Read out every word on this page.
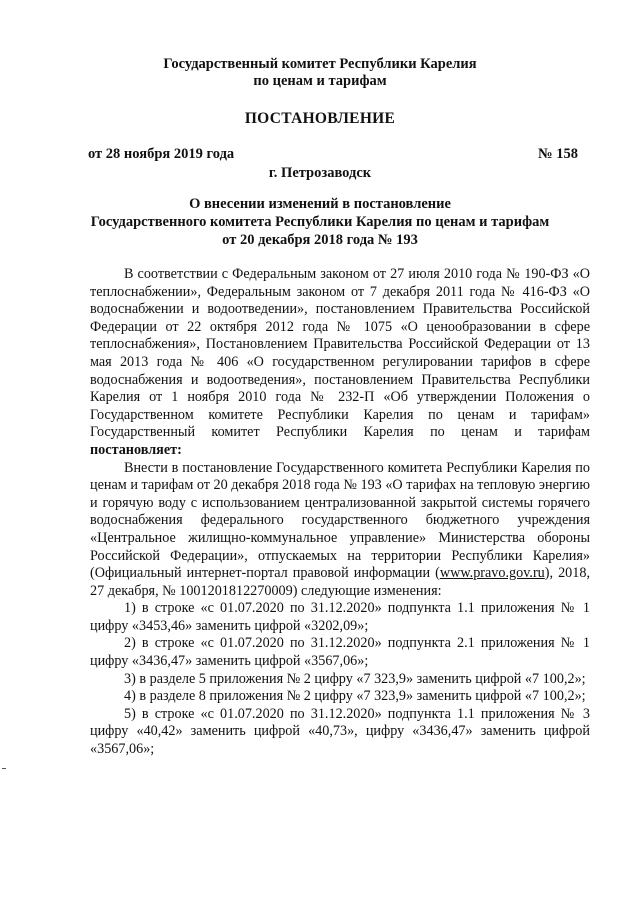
Государственный комитет Республики Карелия
по ценам и тарифам
ПОСТАНОВЛЕНИЕ
от 28 ноября 2019 года	№ 158
г. Петрозаводск
О внесении изменений в постановление
Государственного комитета Республики Карелия по ценам и тарифам
от 20 декабря 2018 года № 193

В соответствии с Федеральным законом от 27 июля 2010 года № 190-ФЗ «О теплоснабжении», Федеральным законом от 7 декабря 2011 года № 416-ФЗ «О водоснабжении и водоотведении», постановлением Правительства Российской Федерации от 22 октября 2012 года № 1075 «О ценообразовании в сфере теплоснабжения», Постановлением Правительства Российской Федерации от 13 мая 2013 года № 406 «О государственном регулировании тарифов в сфере водоснабжения и водоотведения», постановлением Правительства Республики Карелия от 1 ноября 2010 года № 232-П «Об утверждении Положения о Государственном комитете Республики Карелия по ценам и тарифам» Государственный комитет Республики Карелия по ценам и тарифам постановляет:

Внести в постановление Государственного комитета Республики Карелия по ценам и тарифам от 20 декабря 2018 года № 193 «О тарифах на тепловую энергию и горячую воду с использованием централизованной закрытой системы горячего водоснабжения федерального государственного бюджетного учреждения «Центральное жилищно-коммунальное управление» Министерства обороны Российской Федерации», отпускаемых на территории Республики Карелия» (Официальный интернет-портал правовой информации (www.pravo.gov.ru), 2018, 27 декабря, № 1001201812270009) следующие изменения:

1) в строке «с 01.07.2020 по 31.12.2020» подпункта 1.1 приложения № 1 цифру «3453,46» заменить цифрой «3202,09»;

2) в строке «с 01.07.2020 по 31.12.2020» подпункта 2.1 приложения № 1 цифру «3436,47» заменить цифрой «3567,06»;

3) в разделе 5 приложения № 2 цифру «7 323,9» заменить цифрой «7 100,2»;

4) в разделе 8 приложения № 2 цифру «7 323,9» заменить цифрой «7 100,2»;

5) в строке «с 01.07.2020 по 31.12.2020» подпункта 1.1 приложения № 3 цифру «40,42» заменить цифрой «40,73», цифру «3436,47» заменить цифрой «3567,06»;
